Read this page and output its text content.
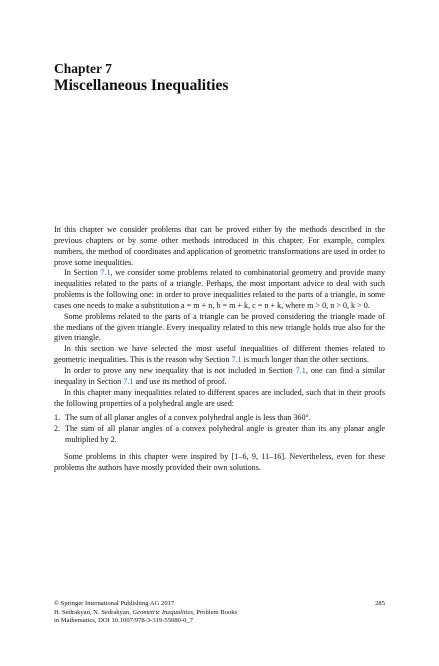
Chapter 7
Miscellaneous Inequalities

In this chapter we consider problems that can be proved either by the methods described in the previous chapters or by some other methods introduced in this chapter. For example, complex numbers, the method of coordinates and application of geometric transformations are used in order to prove some inequalities.

In Section 7.1, we consider some problems related to combinatorial geometry and provide many inequalities related to the parts of a triangle. Perhaps, the most important advice to deal with such problems is the following one: in order to prove inequalities related to the parts of a triangle, in some cases one needs to make a substitution a = m + n, b = m + k, c = n + k, where m > 0, n > 0, k > 0.

Some problems related to the parts of a triangle can be proved considering the triangle made of the medians of the given triangle. Every inequality related to this new triangle holds true also for the given triangle.

In this section we have selected the most useful inequalities of different themes related to geometric inequalities. This is the reason why Section 7.1 is much longer than the other sections.

In order to prove any new inequality that is not included in Section 7.1, one can find a similar inequality in Section 7.1 and use its method of proof.

In this chapter many inequalities related to different spaces are included, such that in their proofs the following properties of a polyhedral angle are used:

1. The sum of all planar angles of a convex polyhedral angle is less than 360°.
2. The sum of all planar angles of a convex polyhedral angle is greater than its any planar angle multiplied by 2.

Some problems in this chapter were inspired by [1–6, 9, 11–16]. Nevertheless, even for these problems the authors have mostly provided their own solutions.

© Springer International Publishing AG 2017
H. Sedrakyan, N. Sedrakyan, Geometric Inequalities, Problem Books
in Mathematics, DOI 10.1007/978-3-319-55080-0_7
285
